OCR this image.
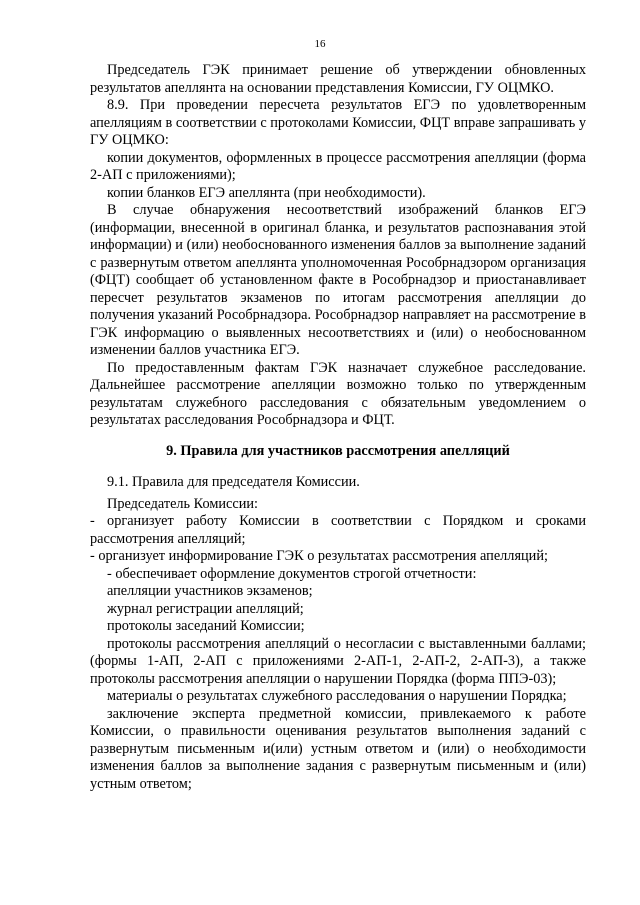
16

Председатель ГЭК принимает решение об утверждении обновленных результатов апеллянта на основании представления Комиссии, ГУ ОЦМКО.

8.9. При проведении пересчета результатов ЕГЭ по удовлетворенным апелляциям в соответствии с протоколами Комиссии, ФЦТ вправе запрашивать у ГУ ОЦМКО:

копии документов, оформленных в процессе рассмотрения апелляции (форма 2-АП с приложениями);

копии бланков ЕГЭ апеллянта (при необходимости).

В случае обнаружения несоответствий изображений бланков ЕГЭ (информации, внесенной в оригинал бланка, и результатов распознавания этой информации) и (или) необоснованного изменения баллов за выполнение заданий с развернутым ответом апеллянта уполномоченная Рособрнадзором организация (ФЦТ) сообщает об установленном факте в Рособрнадзор и приостанавливает пересчет результатов экзаменов по итогам рассмотрения апелляции до получения указаний Рособрнадзора. Рособрнадзор направляет на рассмотрение в ГЭК информацию о выявленных несоответствиях и (или) о необоснованном изменении баллов участника ЕГЭ.

По предоставленным фактам ГЭК назначает служебное расследование. Дальнейшее рассмотрение апелляции возможно только по утвержденным результатам служебного расследования с обязательным уведомлением о результатах расследования Рособрнадзора и ФЦТ.

9. Правила для участников рассмотрения апелляций

9.1. Правила для председателя Комиссии.

Председатель Комиссии:

- организует работу Комиссии в соответствии с Порядком и сроками рассмотрения апелляций;

- организует информирование ГЭК о результатах рассмотрения апелляций;

- обеспечивает оформление документов строгой отчетности:

апелляции участников экзаменов;

журнал регистрации апелляций;

протоколы заседаний Комиссии;

протоколы рассмотрения апелляций о несогласии с выставленными баллами; (формы 1-АП, 2-АП с приложениями 2-АП-1, 2-АП-2, 2-АП-3), а также протоколы рассмотрения апелляции о нарушении Порядка (форма ППЭ-03);

материалы о результатах служебного расследования о нарушении Порядка;

заключение эксперта предметной комиссии, привлекаемого к работе Комиссии, о правильности оценивания результатов выполнения заданий с развернутым письменным и(или) устным ответом и (или) о необходимости изменения баллов за выполнение задания с развернутым письменным и (или) устным ответом;
